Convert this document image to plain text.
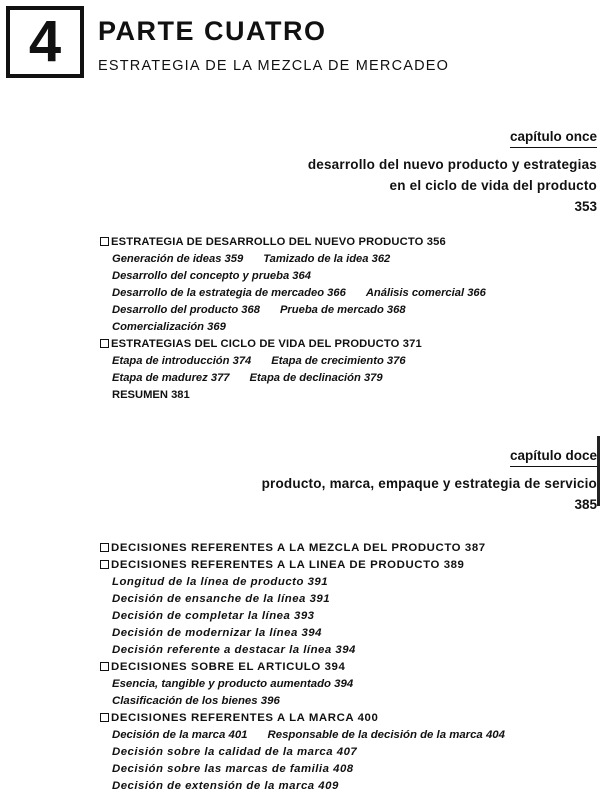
4 PARTE CUATRO
ESTRATEGIA DE LA MEZCLA DE MERCADEO
capítulo once
desarrollo del nuevo producto y estrategias
en el ciclo de vida del producto
353
ESTRATEGIA DE DESARROLLO DEL NUEVO PRODUCTO 356
Generación de ideas 359 Tamizado de la idea 362
Desarrollo del concepto y prueba 364
Desarrollo de la estrategia de mercadeo 366 Análisis comercial 366
Desarrollo del producto 368 Prueba de mercado 368
Comercialización 369
ESTRATEGIAS DEL CICLO DE VIDA DEL PRODUCTO 371
Etapa de introducción 374 Etapa de crecimiento 376
Etapa de madurez 377 Etapa de declinación 379
RESUMEN 381
capítulo doce
producto, marca, empaque y estrategia de servicio
385
DECISIONES REFERENTES A LA MEZCLA DEL PRODUCTO 387
DECISIONES REFERENTES A LA LINEA DE PRODUCTO 389
Longitud de la línea de producto 391
Decisión de ensanche de la línea 391
Decisión de completar la línea 393
Decisión de modernizar la línea 394
Decisión referente a destacar la línea 394
DECISIONES SOBRE EL ARTICULO 394
Esencia, tangible y producto aumentado 394
Clasificación de los bienes 396
DECISIONES REFERENTES A LA MARCA 400
Decisión de la marca 401 Responsable de la decisión de la marca 404
Decisión sobre la calidad de la marca 407
Decisión sobre las marcas de familia 408
Decisión de extensión de la marca 409
